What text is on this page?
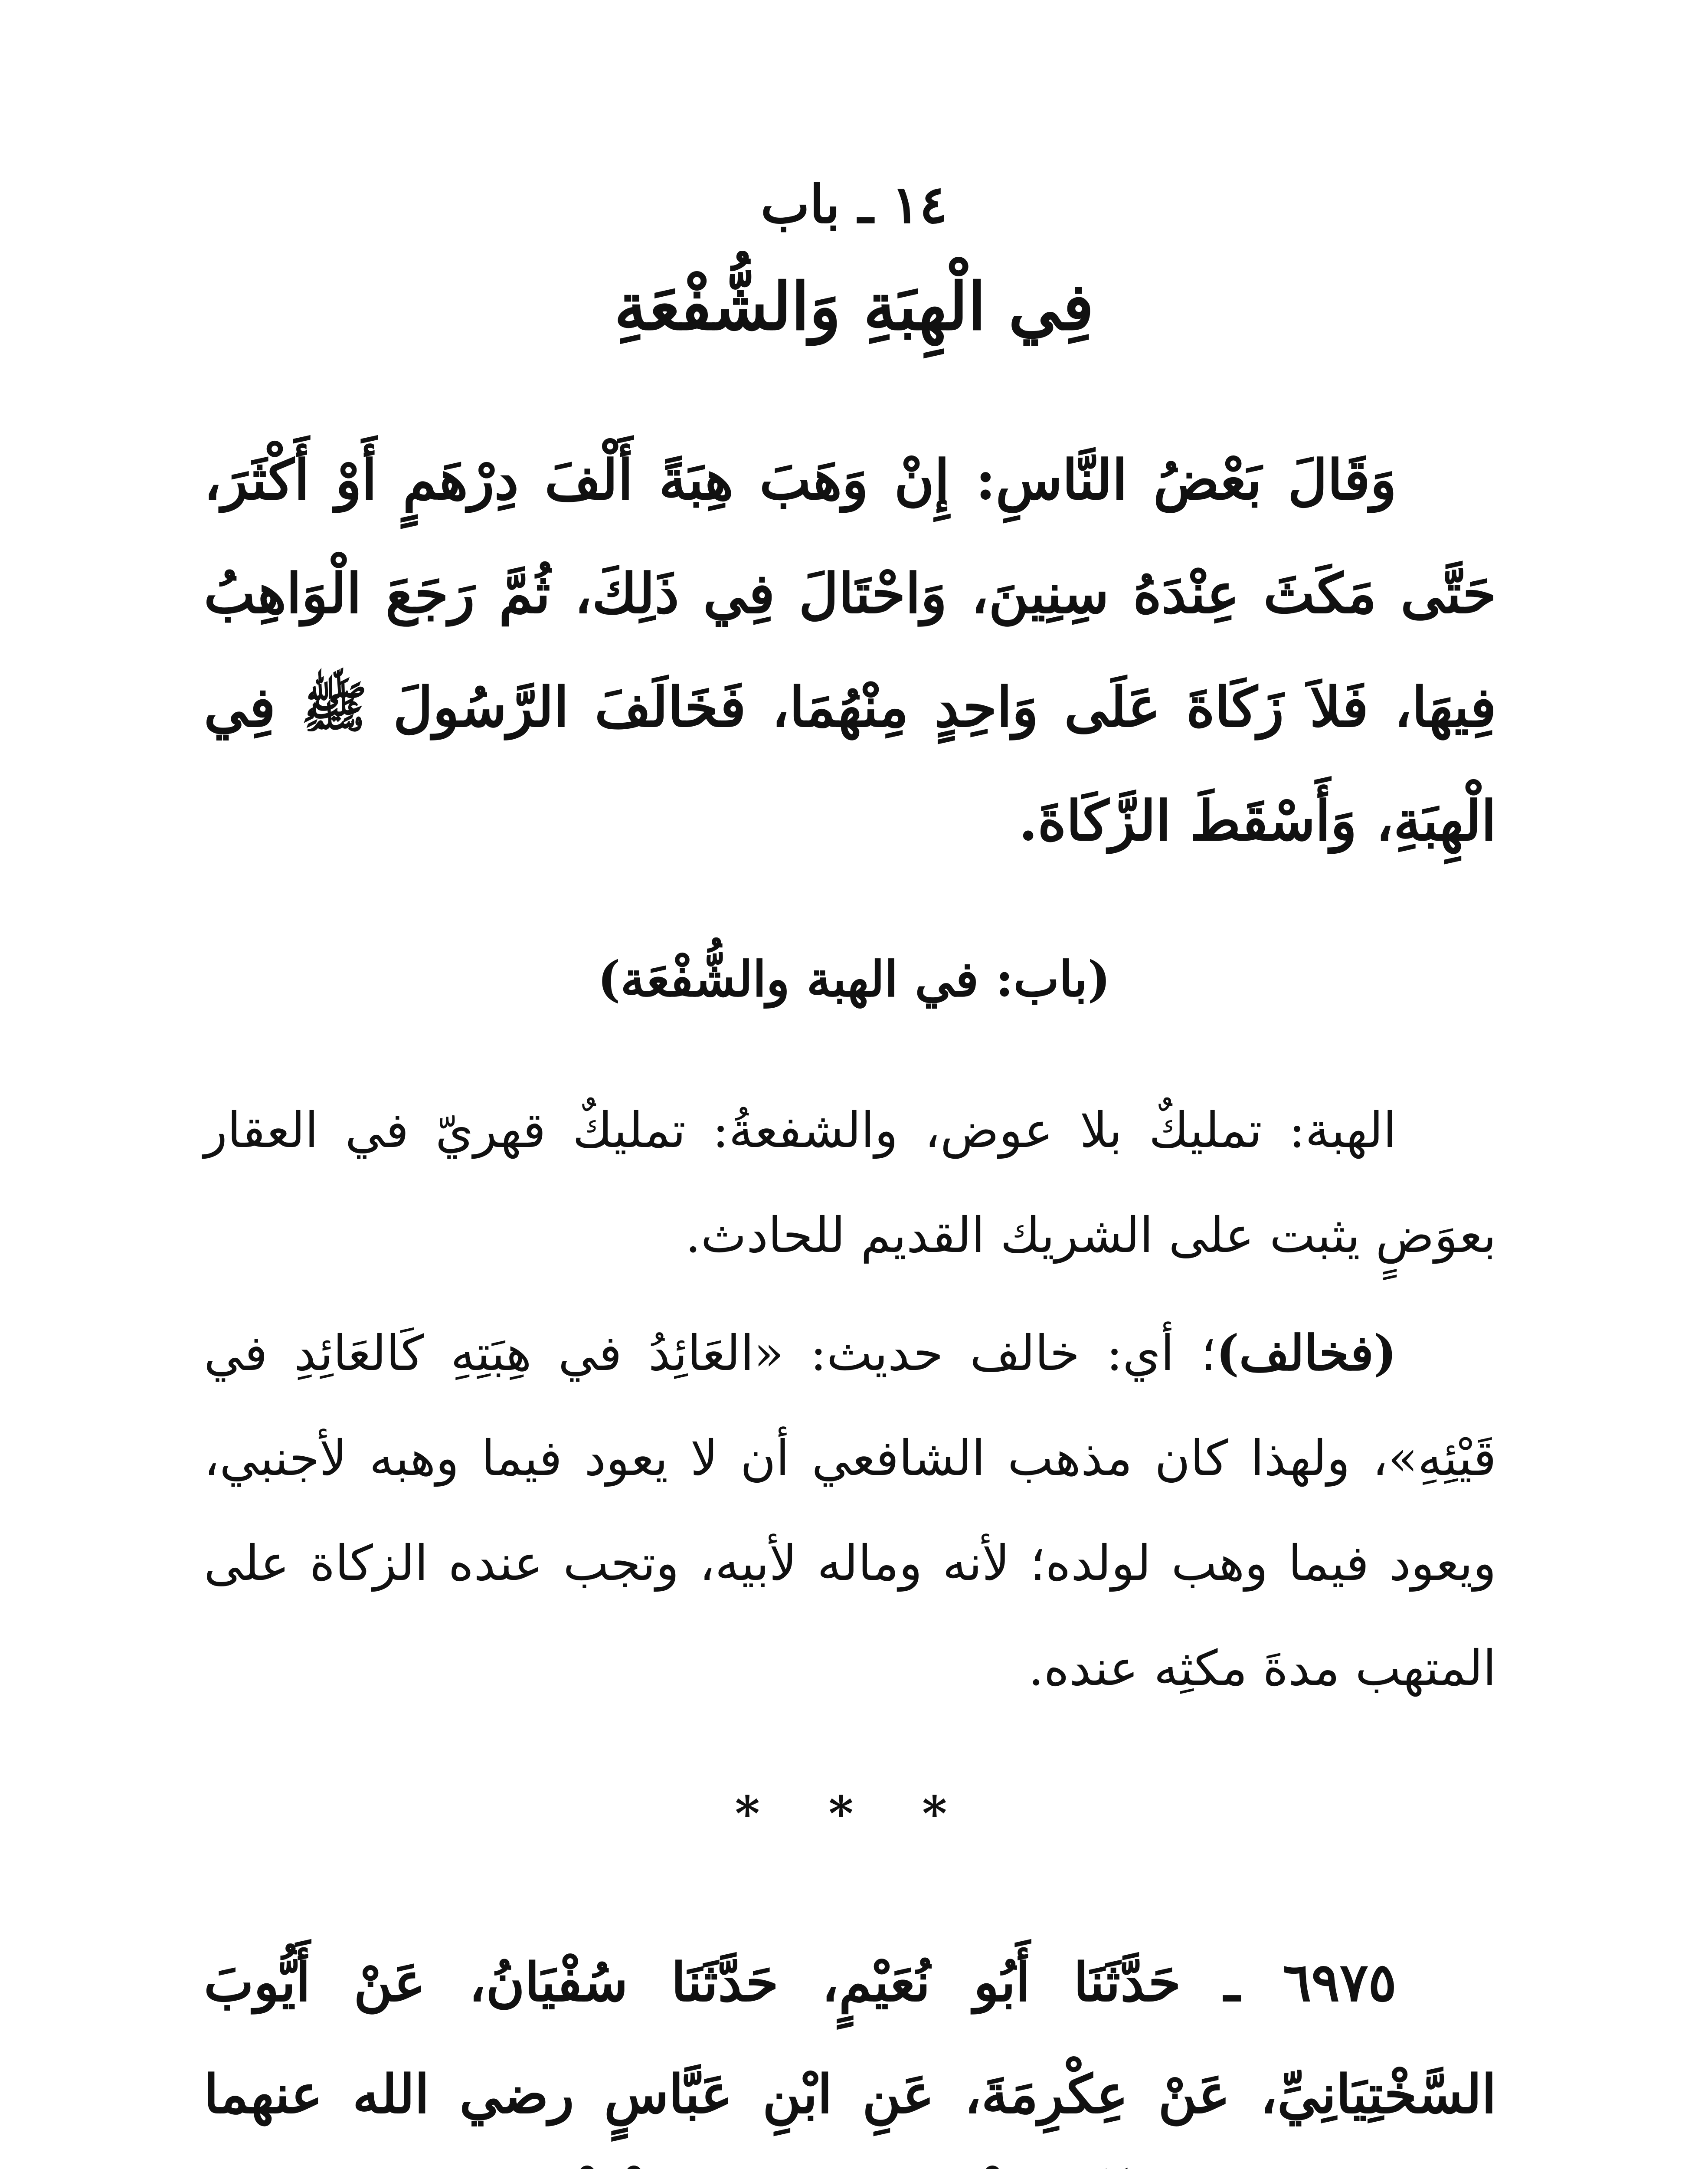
١٤ ـ باب
فِي الْهِبَةِ وَالشُّفْعَةِ

وَقَالَ بَعْضُ النَّاسِ: إِنْ وَهَبَ هِبَةً أَلْفَ دِرْهَمٍ أَوْ أَكْثَرَ، حَتَّى مَكَثَ عِنْدَهُ سِنِينَ، وَاحْتَالَ فِي ذَلِكَ، ثُمَّ رَجَعَ الْوَاهِبُ فِيهَا، فَلاَ زَكَاةَ عَلَى وَاحِدٍ مِنْهُمَا، فَخَالَفَ الرَّسُولَ ﷺ فِي الْهِبَةِ، وَأَسْقَطَ الزَّكَاةَ.

(باب: في الهبة والشُّفْعَة)

الهبة: تمليكٌ بلا عوض، والشفعةُ: تمليكٌ قهريّ في العقار بعوَضٍ يثبت على الشريك القديم للحادث.

(فخالف)؛ أي: خالف حديث: «العَائِدُ في هِبَتِهِ كَالعَائِدِ في قَيْئِهِ»، ولهذا كان مذهب الشافعي أن لا يعود فيما وهبه لأجنبي، ويعود فيما وهب لولده؛ لأنه وماله لأبيه، وتجب عنده الزكاة على المتهب مدةَ مكثِه عنده.

* * *

٦٩٧٥ ـ حَدَّثَنَا أَبُو نُعَيْمٍ، حَدَّثَنَا سُفْيَانُ، عَنْ أَيُّوبَ السَّخْتِيَانِيِّ، عَنْ عِكْرِمَةَ، عَنِ ابْنِ عَبَّاسٍ رضي الله عنهما
